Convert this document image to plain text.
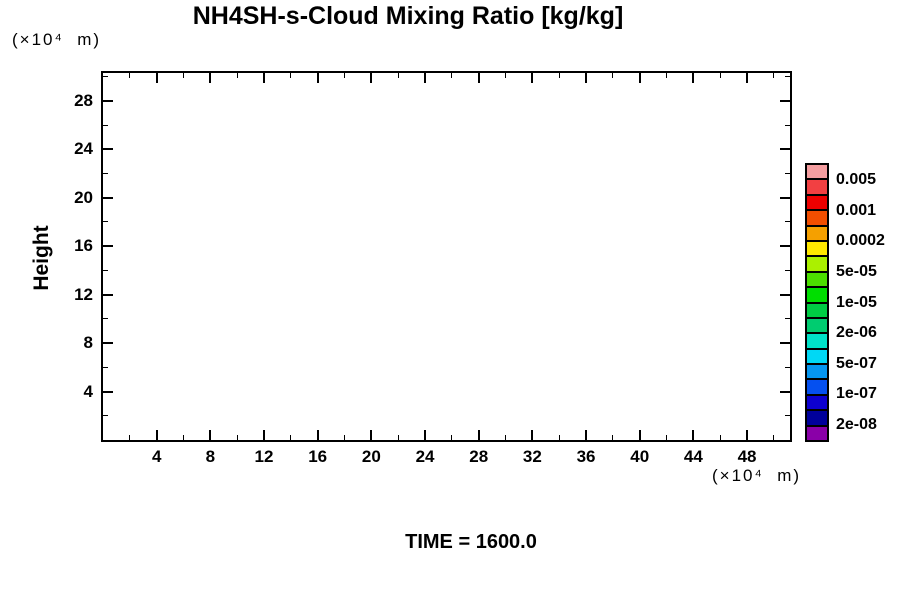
NH4SH-s-Cloud Mixing Ratio [kg/kg]
(×10⁴  m)
Height
(×10⁴  m)
TIME = 1600.0
4	8	12	16	20	24	28	32	36	40	44	48
4
8
12
16
20
24
28
0.005
0.001
0.0002
5e-05
1e-05
2e-06
5e-07
1e-07
2e-08
